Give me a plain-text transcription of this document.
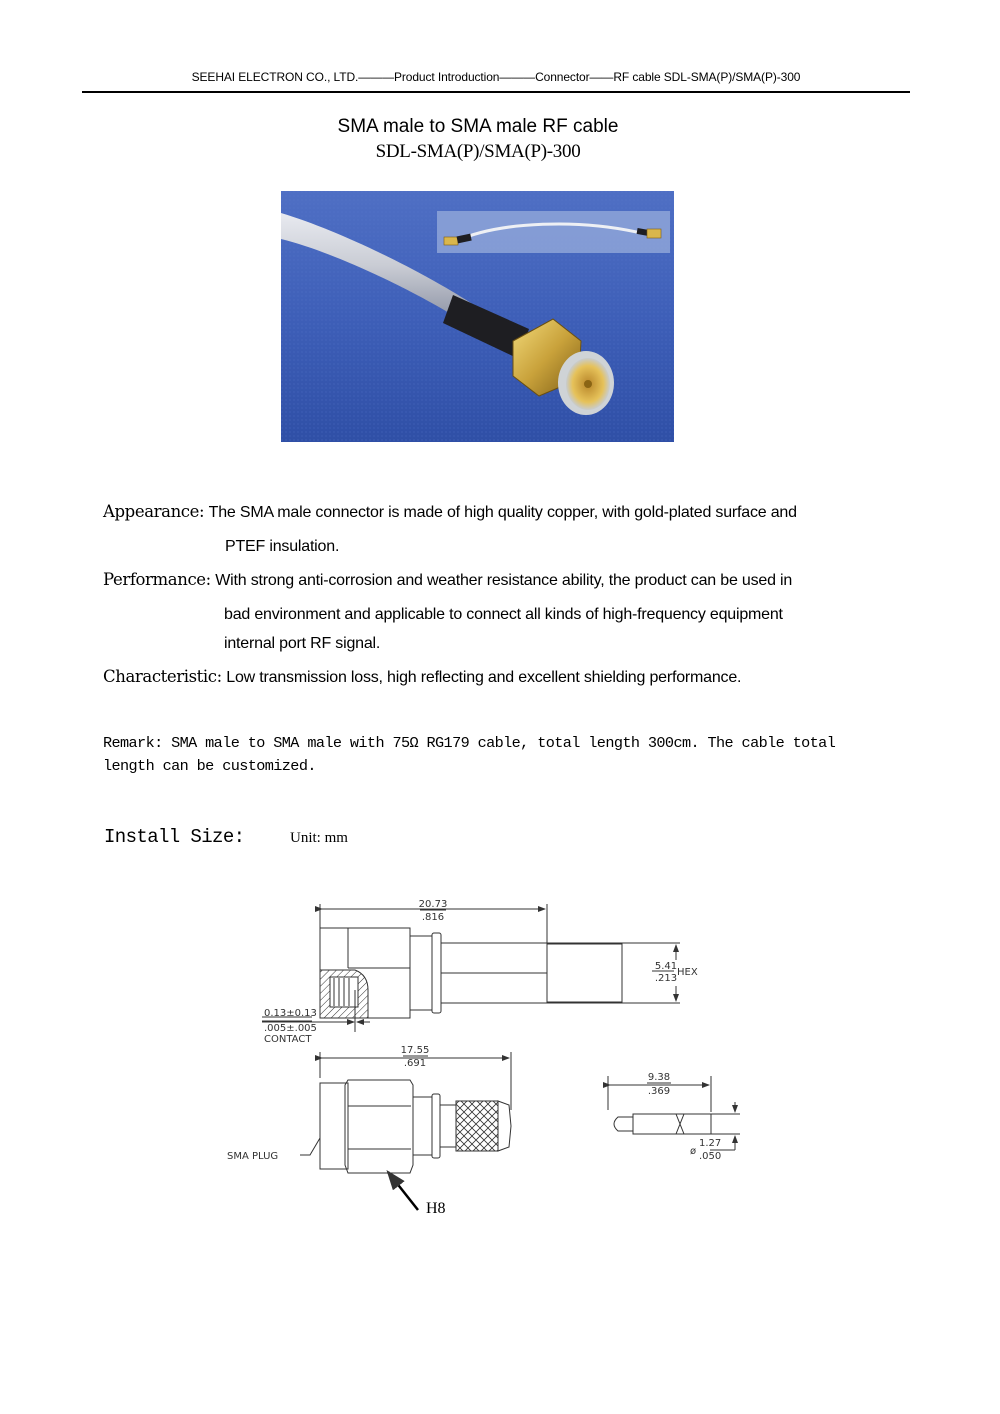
SEEHAI ELECTRON CO., LTD.———Product Introduction———Connector——RF cable SDL-SMA(P)/SMA(P)-300
SMA male to SMA male RF cable
SDL-SMA(P)/SMA(P)-300
Appearance: The SMA male connector is made of high quality copper, with gold-plated surface and
PTEF insulation.
Performance: With strong anti-corrosion and weather resistance ability, the product can be used in
bad environment and applicable to connect all kinds of high-frequency equipment
internal port RF signal.
Characteristic: Low transmission loss, high reflecting and excellent shielding performance.
Remark: SMA male to SMA male with 75Ω RG179 cable, total length 300cm. The cable total
length can be customized.
Install Size:	Unit: mm
20.73
.816
5.41
.213
HEX
0.13±0.13
.005±.005
CONTACT
17.55
.691
SMA PLUG
9.38
.369
ø
1.27
.050
H8
